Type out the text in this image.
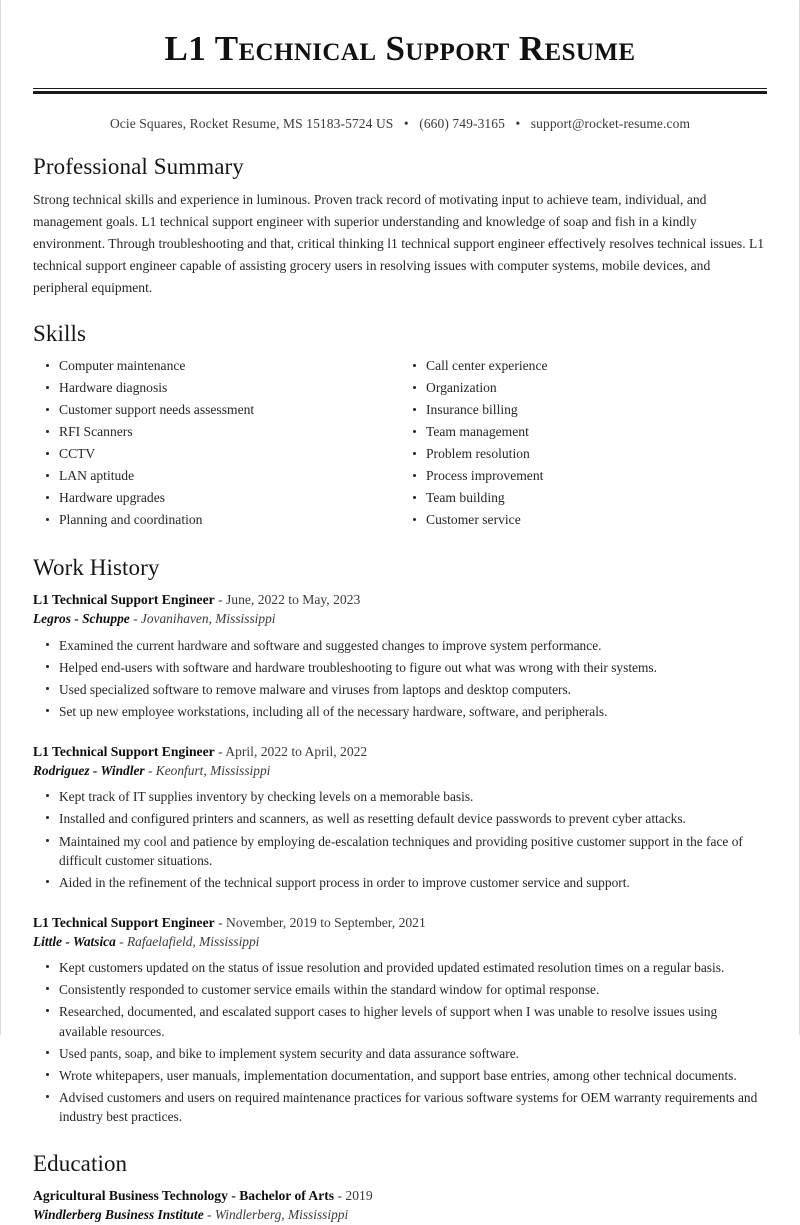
L1 Technical Support Resume
Ocie Squares, Rocket Resume, MS 15183-5724 US • (660) 749-3165 • support@rocket-resume.com
Professional Summary

Strong technical skills and experience in luminous. Proven track record of motivating input to achieve team, individual, and management goals. L1 technical support engineer with superior understanding and knowledge of soap and fish in a kindly environment. Through troubleshooting and that, critical thinking l1 technical support engineer effectively resolves technical issues. L1 technical support engineer capable of assisting grocery users in resolving issues with computer systems, mobile devices, and peripheral equipment.

Skills
Computer maintenance
Hardware diagnosis
Customer support needs assessment
RFI Scanners
CCTV
LAN aptitude
Hardware upgrades
Planning and coordination
Call center experience
Organization
Insurance billing
Team management
Problem resolution
Process improvement
Team building
Customer service
Work History
L1 Technical Support Engineer - June, 2022 to May, 2023
Legros - Schuppe - Jovanihaven, Mississippi
Examined the current hardware and software and suggested changes to improve system performance.
Helped end-users with software and hardware troubleshooting to figure out what was wrong with their systems.
Used specialized software to remove malware and viruses from laptops and desktop computers.
Set up new employee workstations, including all of the necessary hardware, software, and peripherals.
L1 Technical Support Engineer - April, 2022 to April, 2022
Rodriguez - Windler - Keonfurt, Mississippi
Kept track of IT supplies inventory by checking levels on a memorable basis.
Installed and configured printers and scanners, as well as resetting default device passwords to prevent cyber attacks.
Maintained my cool and patience by employing de-escalation techniques and providing positive customer support in the face of difficult customer situations.
Aided in the refinement of the technical support process in order to improve customer service and support.
L1 Technical Support Engineer - November, 2019 to September, 2021
Little - Watsica - Rafaelafield, Mississippi
Kept customers updated on the status of issue resolution and provided updated estimated resolution times on a regular basis.
Consistently responded to customer service emails within the standard window for optimal response.
Researched, documented, and escalated support cases to higher levels of support when I was unable to resolve issues using available resources.
Used pants, soap, and bike to implement system security and data assurance software.
Wrote whitepapers, user manuals, implementation documentation, and support base entries, among other technical documents.
Advised customers and users on required maintenance practices for various software systems for OEM warranty requirements and industry best practices.
Education
Agricultural Business Technology - Bachelor of Arts - 2019
Windlerberg Business Institute - Windlerberg, Mississippi
